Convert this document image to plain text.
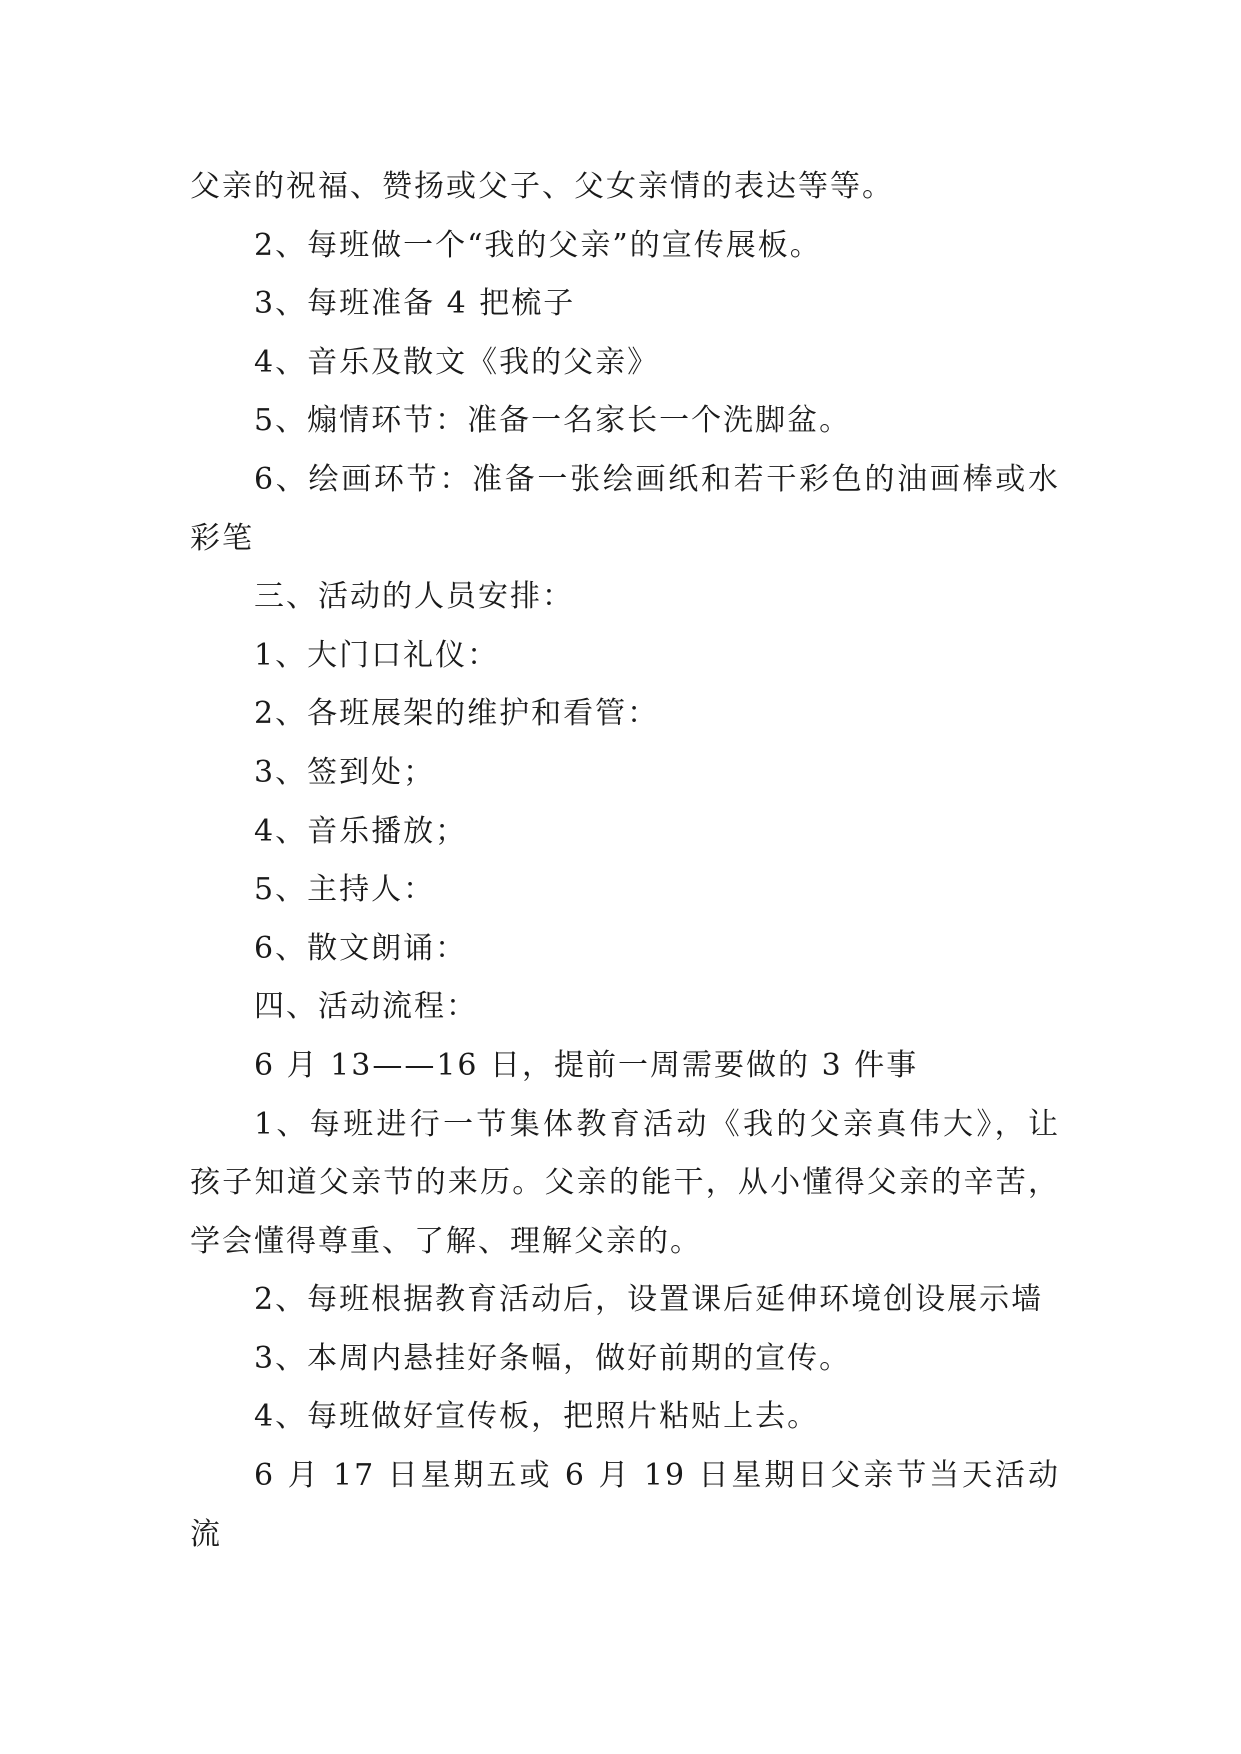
父亲的祝福、赞扬或父子、父女亲情的表达等等。

2、每班做一个“我的父亲”的宣传展板。

3、每班准备 4 把梳子

4、音乐及散文《我的父亲》

5、煽情环节：准备一名家长一个洗脚盆。

6、绘画环节：准备一张绘画纸和若干彩色的油画棒或水彩笔

三、活动的人员安排：

1、大门口礼仪：

2、各班展架的维护和看管：

3、签到处；

4、音乐播放；

5、主持人：

6、散文朗诵：

四、活动流程：

6 月 13——16 日，提前一周需要做的 3 件事

1、每班进行一节集体教育活动《我的父亲真伟大》，让孩子知道父亲节的来历。父亲的能干，从小懂得父亲的辛苦，学会懂得尊重、了解、理解父亲的。

2、每班根据教育活动后，设置课后延伸环境创设展示墙

3、本周内悬挂好条幅，做好前期的宣传。

4、每班做好宣传板，把照片粘贴上去。

6 月 17 日星期五或 6 月 19 日星期日父亲节当天活动流
